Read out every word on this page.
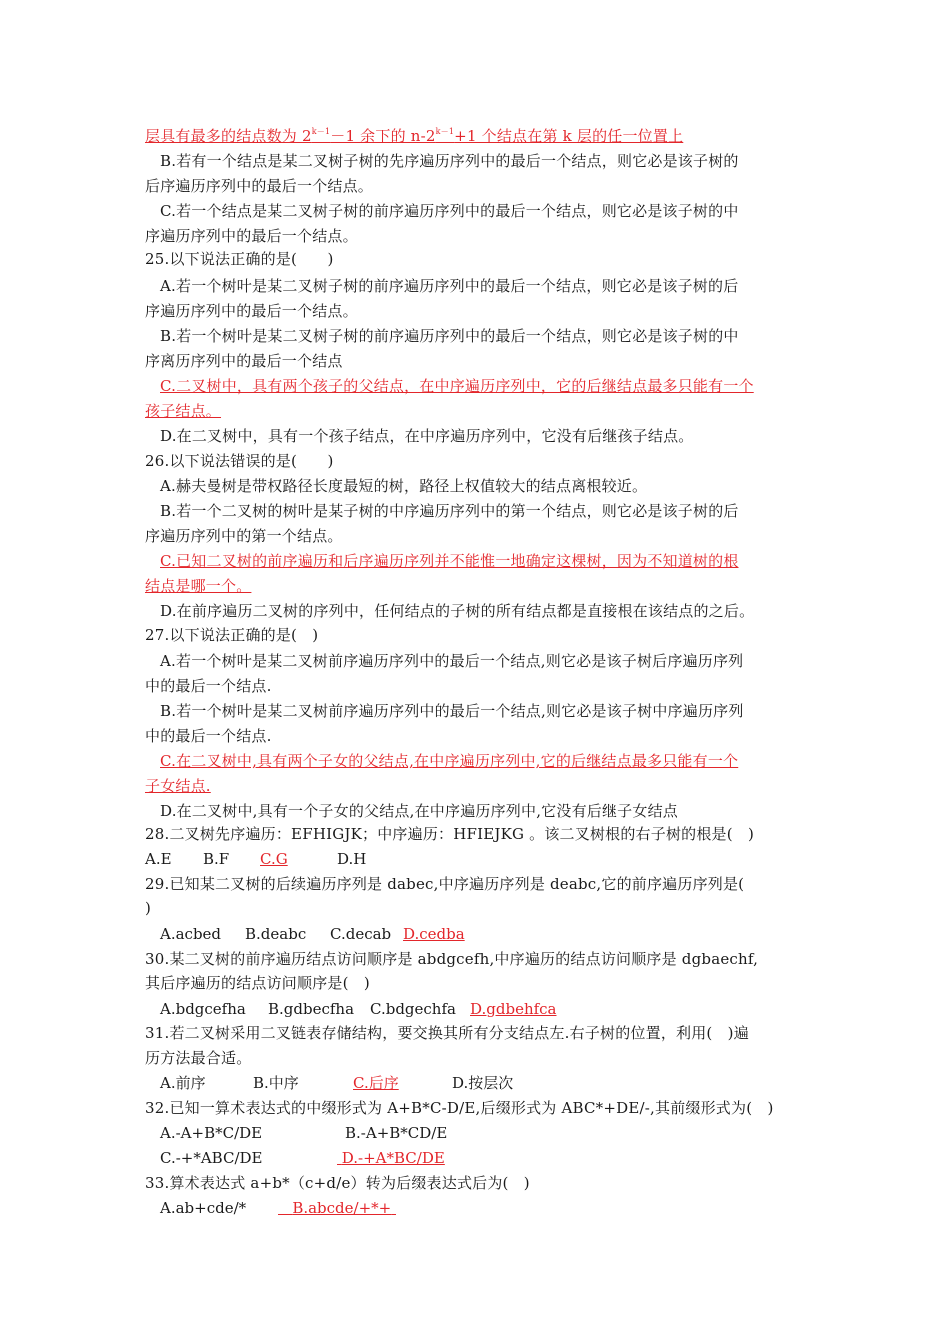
层具有最多的结点数为 $2^{k-1}-1$ 余下的 $n-2^{k-1}+1$ 个结点在第 k 层的任一位置上
B.若有一个结点是某二叉树子树的先序遍历序列中的最后一个结点，则它必是该子树的
后序遍历序列中的最后一个结点。
C.若一个结点是某二叉树子树的前序遍历序列中的最后一个结点，则它必是该子树的中
序遍历序列中的最后一个结点。
25.以下说法正确的是(　　)
A.若一个树叶是某二叉树子树的前序遍历序列中的最后一个结点，则它必是该子树的后
序遍历序列中的最后一个结点。
B.若一个树叶是某二叉树子树的前序遍历序列中的最后一个结点，则它必是该子树的中
序离历序列中的最后一个结点
C.二叉树中，具有两个孩子的父结点，在中序遍历序列中，它的后继结点最多只能有一个
孩子结点。
D.在二叉树中，具有一个孩子结点，在中序遍历序列中，它没有后继孩子结点。
26.以下说法错误的是(　　)
A.赫夫曼树是带权路径长度最短的树，路径上权值较大的结点离根较近。
B.若一个二叉树的树叶是某子树的中序遍历序列中的第一个结点，则它必是该子树的后
序遍历序列中的第一个结点。
C.已知二叉树的前序遍历和后序遍历序列并不能惟一地确定这棵树，因为不知道树的根
结点是哪一个。
D.在前序遍历二叉树的序列中，任何结点的子树的所有结点都是直接根在该结点的之后。
27.以下说法正确的是(　)
A.若一个树叶是某二叉树前序遍历序列中的最后一个结点,则它必是该子树后序遍历序列
中的最后一个结点.
B.若一个树叶是某二叉树前序遍历序列中的最后一个结点,则它必是该子树中序遍历序列
中的最后一个结点.
C.在二叉树中,具有两个子女的父结点,在中序遍历序列中,它的后继结点最多只能有一个
子女结点.
D.在二叉树中,具有一个子女的父结点,在中序遍历序列中,它没有后继子女结点
28.二叉树先序遍历：EFHIGJK；中序遍历：HFIEJKG 。该二叉树根的右子树的根是(　)
A.E B.F C.G	D.H
29.已知某二叉树的后续遍历序列是 dabec,中序遍历序列是 deabc,它的前序遍历序列是(
)
A.acbed B.deabc C.decab D.cedba
30.某二叉树的前序遍历结点访问顺序是 abdgcefh,中序遍历的结点访问顺序是 dgbaechf,
其后序遍历的结点访问顺序是(　)
A.bdgcefha B.gdbecfha C.bdgechfa D.gdbehfca
31.若二叉树采用二叉链表存储结构，要交换其所有分支结点左.右子树的位置，利用(　)遍
历方法最合适。
A.前序	B.中序	C.后序	D.按层次
32.已知一算术表达式的中缀形式为 A+B*C-D/E,后缀形式为 ABC*+DE/-,其前缀形式为(　)
A.-A+B*C/DE	B.-A+B*CD/E
C.-+*ABC/DE	D.-+A*BC/DE
33.算术表达式 a+b*（c+d/e）转为后缀表达式后为(　)
A.ab+cde/*	B.abcde/+*+
